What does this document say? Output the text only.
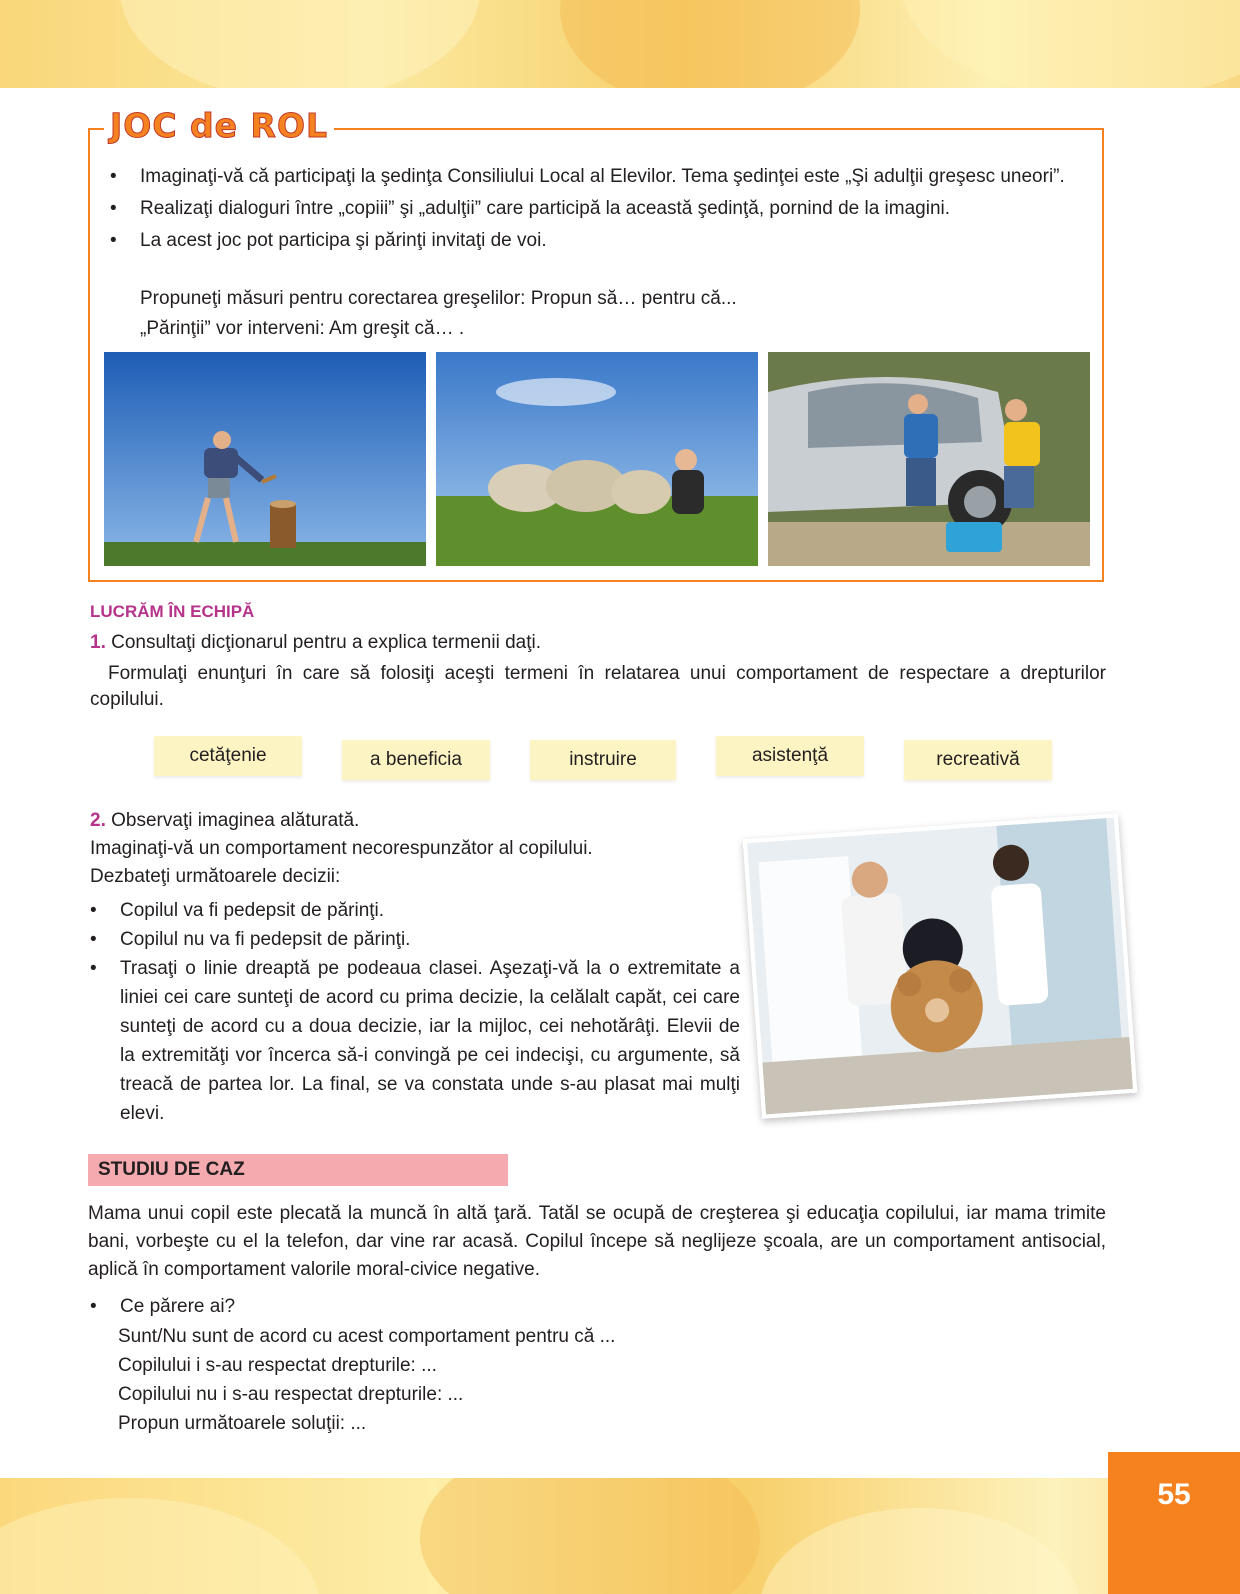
55
JOC de ROL
• Imaginaţi-vă că participaţi la şedinţa Consiliului Local al Elevilor. Tema şedinţei este „Şi adulţii greşesc uneori”.
• Realizaţi dialoguri între „copiii” şi „adulţii” care participă la această şedinţă, pornind de la imagini.
• La acest joc pot participa şi părinţi invitaţi de voi.
Propuneţi măsuri pentru corectarea greşelilor: Propun să… pentru că...
„Părinţii” vor interveni: Am greşit că… .
LUCRĂM ÎN ECHIPĂ
1. Consultaţi dicţionarul pentru a explica termenii daţi.
Formulaţi enunţuri în care să folosiţi aceşti termeni în relatarea unui comportament de respectare a drepturilor copilului.
cetăţenie	a beneficia	instruire	asistenţă	recreativă
2. Observaţi imaginea alăturată.
Imaginaţi-vă un comportament necorespunzător al copilului.
Dezbateţi următoarele decizii:
• Copilul va fi pedepsit de părinţi.
• Copilul nu va fi pedepsit de părinţi.
• Trasaţi o linie dreaptă pe podeaua clasei. Aşezaţi-vă la o extremitate a liniei cei care sunteţi de acord cu prima decizie, la celălalt capăt, cei care sunteţi de acord cu a doua decizie, iar la mijloc, cei nehotărâţi. Elevii de la extremităţi vor încerca să-i convingă pe cei indecişi, cu argumente, să treacă de partea lor. La final, se va constata unde s-au plasat mai mulţi elevi.
STUDIU DE CAZ
Mama unui copil este plecată la muncă în altă ţară. Tatăl se ocupă de creşterea şi educaţia copilului, iar mama trimite bani, vorbeşte cu el la telefon, dar vine rar acasă. Copilul începe să neglijeze şcoala, are un comportament antisocial, aplică în comportament valorile moral-civice negative.
• Ce părere ai?
Sunt/Nu sunt de acord cu acest comportament pentru că ...
Copilului i s-au respectat drepturile: ...
Copilului nu i s-au respectat drepturile: ...
Propun următoarele soluţii: ...
